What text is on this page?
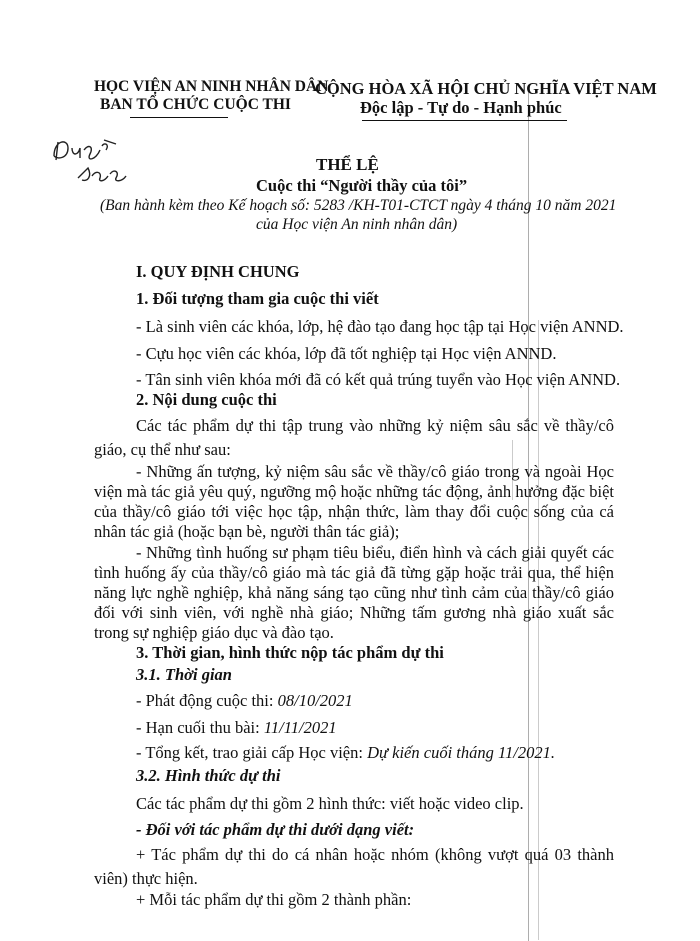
HỌC VIỆN AN NINH NHÂN DÂN
BAN TỔ CHỨC CUỘC THI
CỘNG HÒA XÃ HỘI CHỦ NGHĨA VIỆT NAM
Độc lập - Tự do - Hạnh phúc
THỂ LỆ
Cuộc thi “Người thầy của tôi”
(Ban hành kèm theo Kế hoạch số: 5283 /KH-T01-CTCT ngày 4 tháng 10 năm 2021
của Học viện An ninh nhân dân)
I. QUY ĐỊNH CHUNG
1. Đối tượng tham gia cuộc thi viết
- Là sinh viên các khóa, lớp, hệ đào tạo đang học tập tại Học viện ANND.
- Cựu học viên các khóa, lớp đã tốt nghiệp tại Học viện ANND.
- Tân sinh viên khóa mới đã có kết quả trúng tuyển vào Học viện ANND.
2. Nội dung cuộc thi
Các tác phẩm dự thi tập trung vào những kỷ niệm sâu sắc về thầy/cô giáo, cụ thể như sau:
- Những ấn tượng, kỷ niệm sâu sắc về thầy/cô giáo trong và ngoài Học viện mà tác giả yêu quý, ngưỡng mộ hoặc những tác động, ảnh hưởng đặc biệt của thầy/cô giáo tới việc học tập, nhận thức, làm thay đổi cuộc sống của cá nhân tác giả (hoặc bạn bè, người thân tác giả);
- Những tình huống sư phạm tiêu biểu, điển hình và cách giải quyết các tình huống ấy của thầy/cô giáo mà tác giả đã từng gặp hoặc trải qua, thể hiện năng lực nghề nghiệp, khả năng sáng tạo cũng như tình cảm của thầy/cô giáo đối với sinh viên, với nghề nhà giáo; Những tấm gương nhà giáo xuất sắc trong sự nghiệp giáo dục và đào tạo.
3. Thời gian, hình thức nộp tác phẩm dự thi
3.1. Thời gian
- Phát động cuộc thi: 08/10/2021
- Hạn cuối thu bài: 11/11/2021
- Tổng kết, trao giải cấp Học viện: Dự kiến cuối tháng 11/2021.
3.2. Hình thức dự thi
Các tác phẩm dự thi gồm 2 hình thức: viết hoặc video clip.
- Đối với tác phẩm dự thi dưới dạng viết:
+ Tác phẩm dự thi do cá nhân hoặc nhóm (không vượt quá 03 thành viên) thực hiện.
+ Mỗi tác phẩm dự thi gồm 2 thành phần:
